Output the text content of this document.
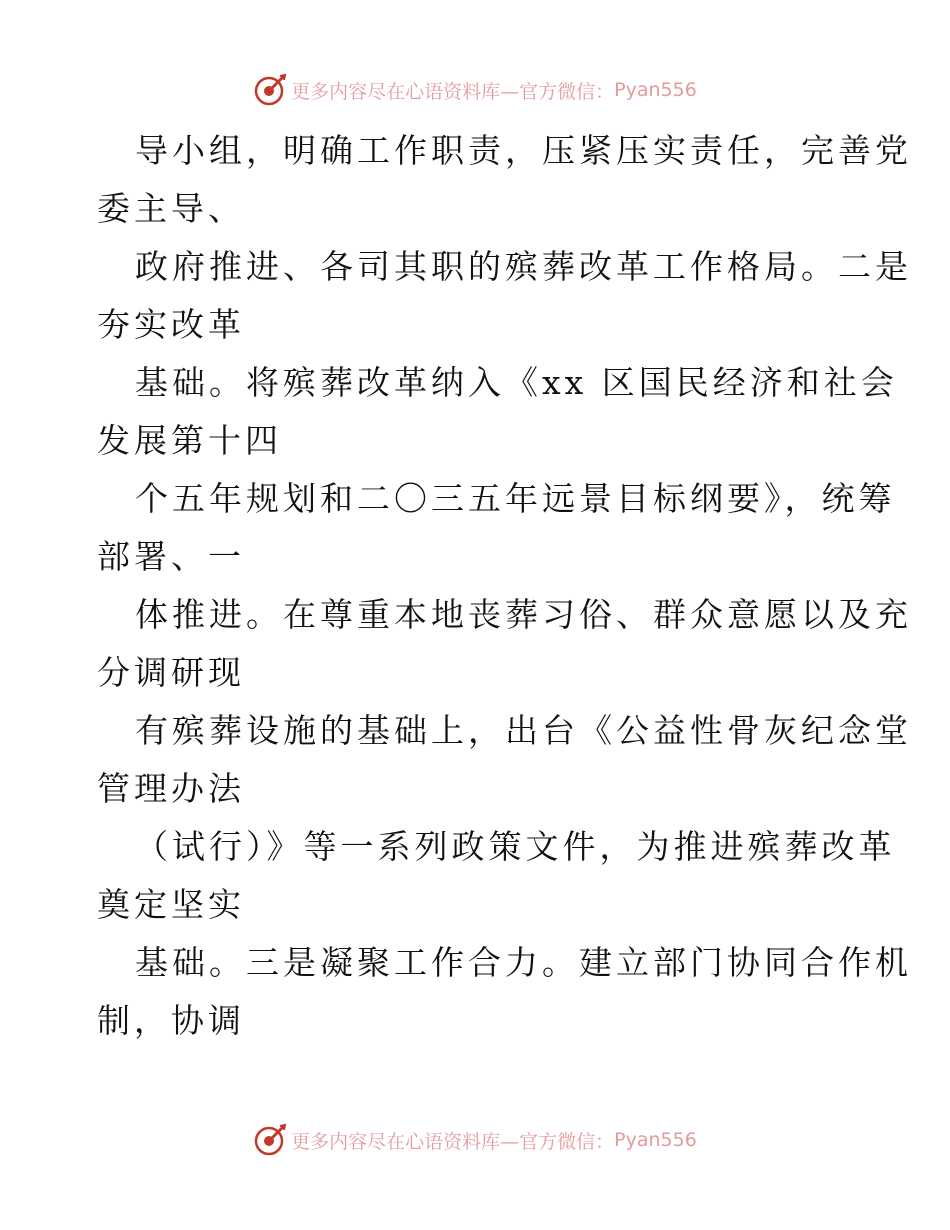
更多内容尽在心语资料库—官方微信： Pyan556
导小组，明确工作职责，压紧压实责任，完善党
委主导、
政府推进、各司其职的殡葬改革工作格局。二是
夯实改革
基础。将殡葬改革纳入《xx 区国民经济和社会
发展第十四
个五年规划和二〇三五年远景目标纲要》，统筹
部署、一
体推进。在尊重本地丧葬习俗、群众意愿以及充
分调研现
有殡葬设施的基础上，出台《公益性骨灰纪念堂
管理办法
（试行）》等一系列政策文件，为推进殡葬改革
奠定坚实
基础。三是凝聚工作合力。建立部门协同合作机
制，协调
更多内容尽在心语资料库—官方微信： Pyan556
